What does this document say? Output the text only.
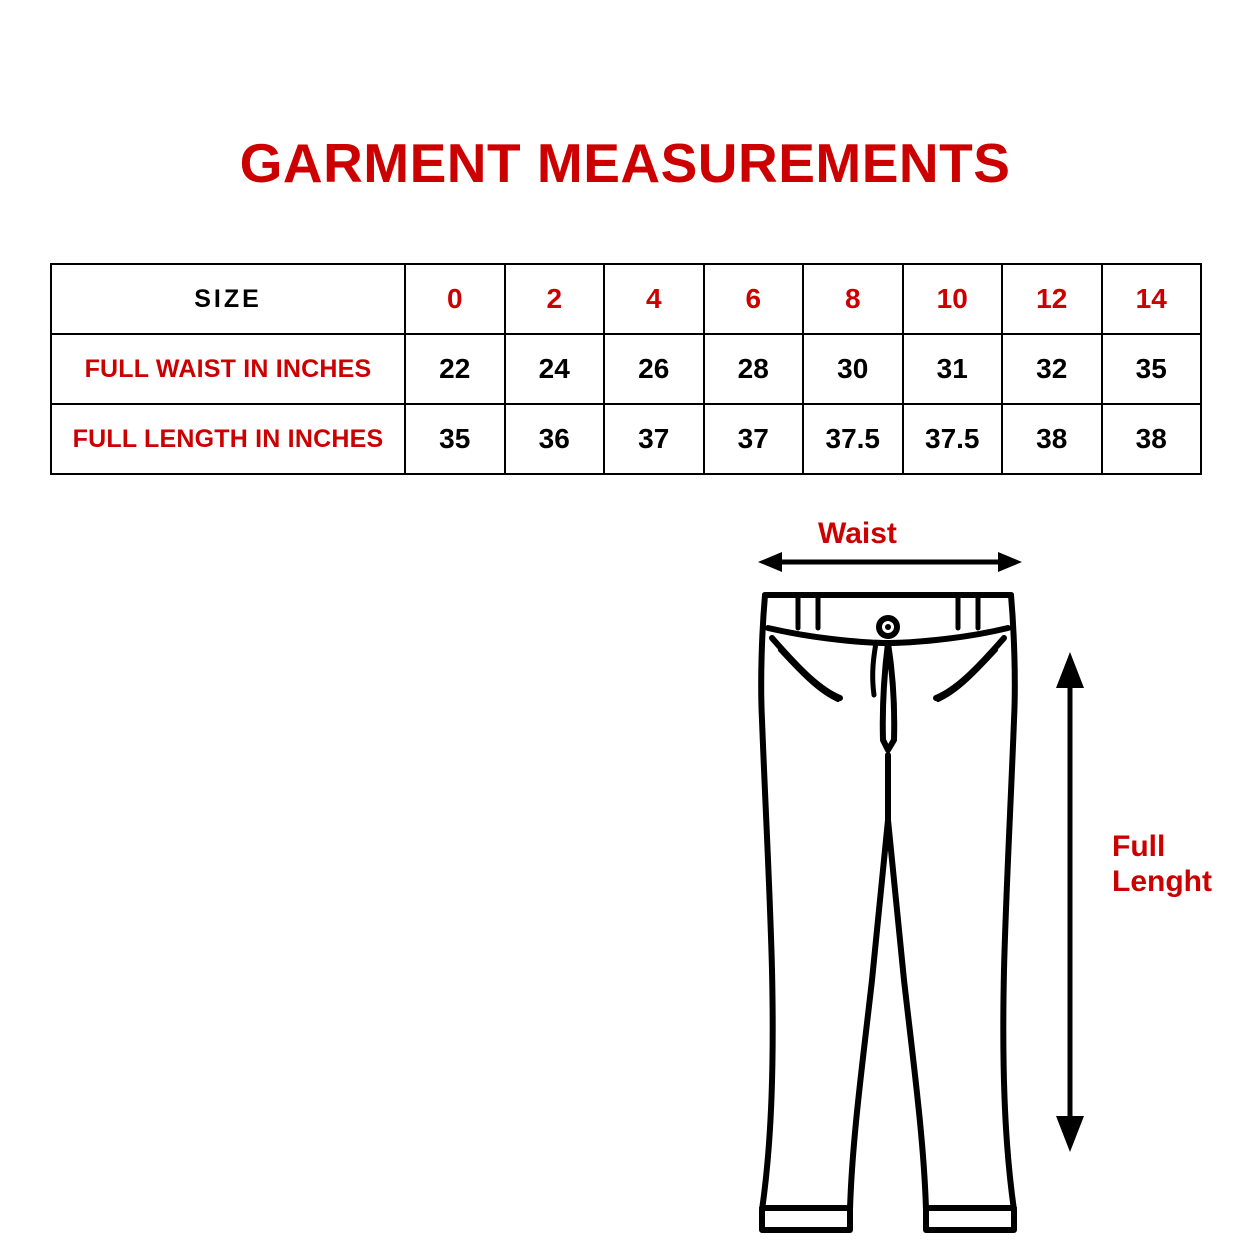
GARMENT MEASUREMENTS
SIZE	0	2	4	6	8	10	12	14
FULL WAIST IN INCHES	22	24	26	28	30	31	32	35
FULL LENGTH IN INCHES	35	36	37	37	37.5	37.5	38	38
Waist
Full
Lenght
